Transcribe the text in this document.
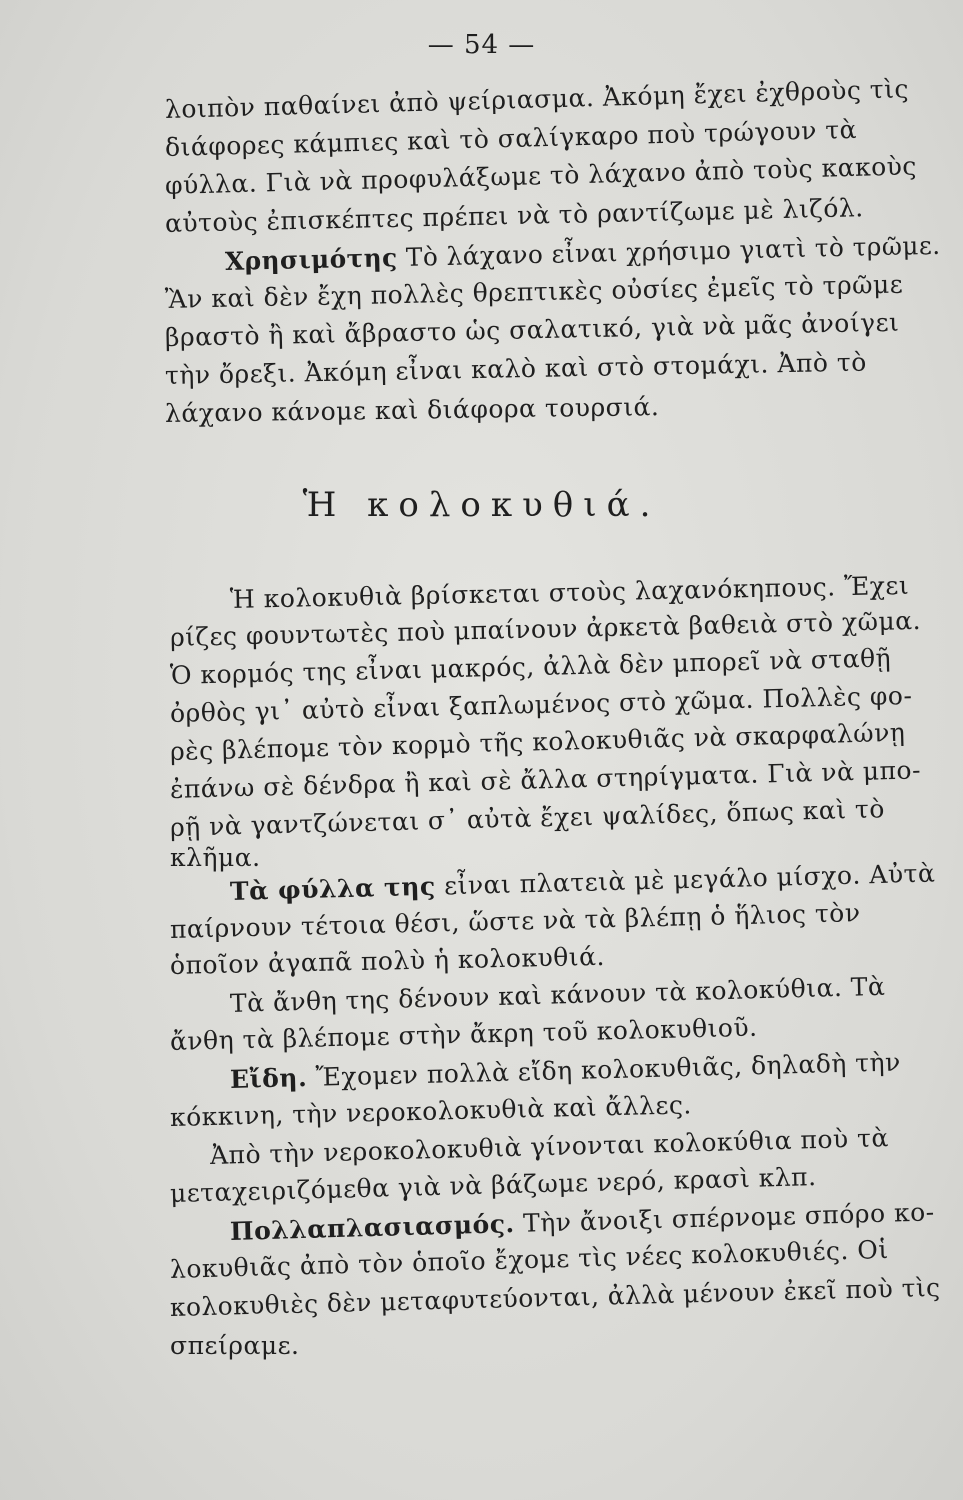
— 54 —
λοιπὸν παθαίνει ἀπὸ ψείριασμα. Ἀκόμη ἔχει ἐχθροὺς τὶς
διάφορες κάμπιες καὶ τὸ σαλίγκαρο ποὺ τρώγουν τὰ
φύλλα. Γιὰ νὰ προφυλάξωμε τὸ λάχανο ἀπὸ τοὺς κακοὺς
αὐτοὺς ἐπισκέπτες πρέπει νὰ τὸ ραντίζωμε μὲ λιζόλ.
Χρησιμότης Τὸ λάχανο εἶναι χρήσιμο γιατὶ τὸ τρῶμε.
Ἂν καὶ δὲν ἔχη πολλὲς θρεπτικὲς οὐσίες ἐμεῖς τὸ τρῶμε
βραστὸ ἢ καὶ ἄβραστο ὡς σαλατικό, γιὰ νὰ μᾶς ἀνοίγει
τὴν ὄρεξι. Ἀκόμη εἶναι καλὸ καὶ στὸ στομάχι. Ἀπὸ τὸ
λάχανο κάνομε καὶ διάφορα τουρσιά.
Ἡ κολοκυθιά.
Ἡ κολοκυθιὰ βρίσκεται στοὺς λαχανόκηπους. Ἔχει
ρίζες φουντωτὲς ποὺ μπαίνουν ἀρκετὰ βαθειὰ στὸ χῶμα.
Ὁ κορμός της εἶναι μακρός, ἀλλὰ δὲν μπορεῖ νὰ σταθῇ
ὀρθὸς γι᾿ αὐτὸ εἶναι ξαπλωμένος στὸ χῶμα. Πολλὲς φο-
ρὲς βλέπομε τὸν κορμὸ τῆς κολοκυθιᾶς νὰ σκαρφαλώνῃ
ἐπάνω σὲ δένδρα ἢ καὶ σὲ ἄλλα στηρίγματα. Γιὰ νὰ μπο-
ρῇ νὰ γαντζώνεται σ᾿ αὐτὰ ἔχει ψαλίδες, ὅπως καὶ τὸ
κλῆμα.
Τὰ φύλλα της εἶναι πλατειὰ μὲ μεγάλο μίσχο. Αὐτὰ
παίρνουν τέτοια θέσι, ὥστε νὰ τὰ βλέπῃ ὁ ἥλιος τὸν
ὁποῖον ἀγαπᾶ πολὺ ἡ κολοκυθιά.
Τὰ ἄνθη της δένουν καὶ κάνουν τὰ κολοκύθια. Τὰ
ἄνθη τὰ βλέπομε στὴν ἄκρη τοῦ κολοκυθιοῦ.
Εἴδη. Ἔχομεν πολλὰ εἴδη κολοκυθιᾶς, δηλαδὴ τὴν
κόκκινη, τὴν νεροκολοκυθιὰ καὶ ἄλλες.
Ἀπὸ τὴν νεροκολοκυθιὰ γίνονται κολοκύθια ποὺ τὰ
μεταχειριζόμεθα γιὰ νὰ βάζωμε νερό, κρασὶ κλπ.
Πολλαπλασιασμός. Τὴν ἄνοιξι σπέρνομε σπόρο κο-
λοκυθιᾶς ἀπὸ τὸν ὁποῖο ἔχομε τὶς νέες κολοκυθιές. Οἱ
κολοκυθιὲς δὲν μεταφυτεύονται, ἀλλὰ μένουν ἐκεῖ ποὺ τὶς
σπείραμε.
